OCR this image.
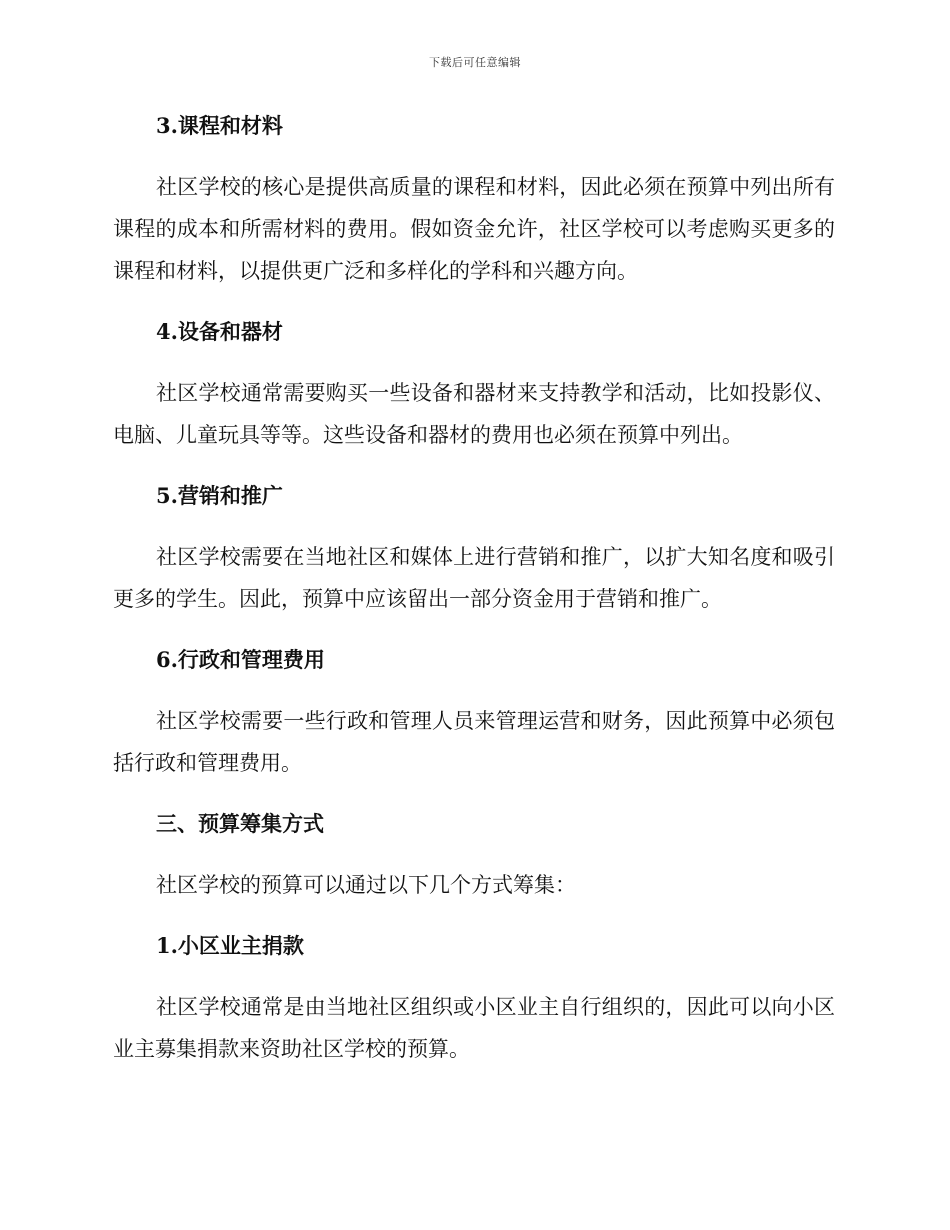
下载后可任意编辑
3.课程和材料

社区学校的核心是提供高质量的课程和材料，因此必须在预算中列出所有课程的成本和所需材料的费用。假如资金允许，社区学校可以考虑购买更多的课程和材料，以提供更广泛和多样化的学科和兴趣方向。

4.设备和器材

社区学校通常需要购买一些设备和器材来支持教学和活动，比如投影仪、电脑、儿童玩具等等。这些设备和器材的费用也必须在预算中列出。

5.营销和推广

社区学校需要在当地社区和媒体上进行营销和推广，以扩大知名度和吸引更多的学生。因此，预算中应该留出一部分资金用于营销和推广。

6.行政和管理费用

社区学校需要一些行政和管理人员来管理运营和财务，因此预算中必须包括行政和管理费用。

三、预算筹集方式

社区学校的预算可以通过以下几个方式筹集：

1.小区业主捐款

社区学校通常是由当地社区组织或小区业主自行组织的，因此可以向小区业主募集捐款来资助社区学校的预算。
